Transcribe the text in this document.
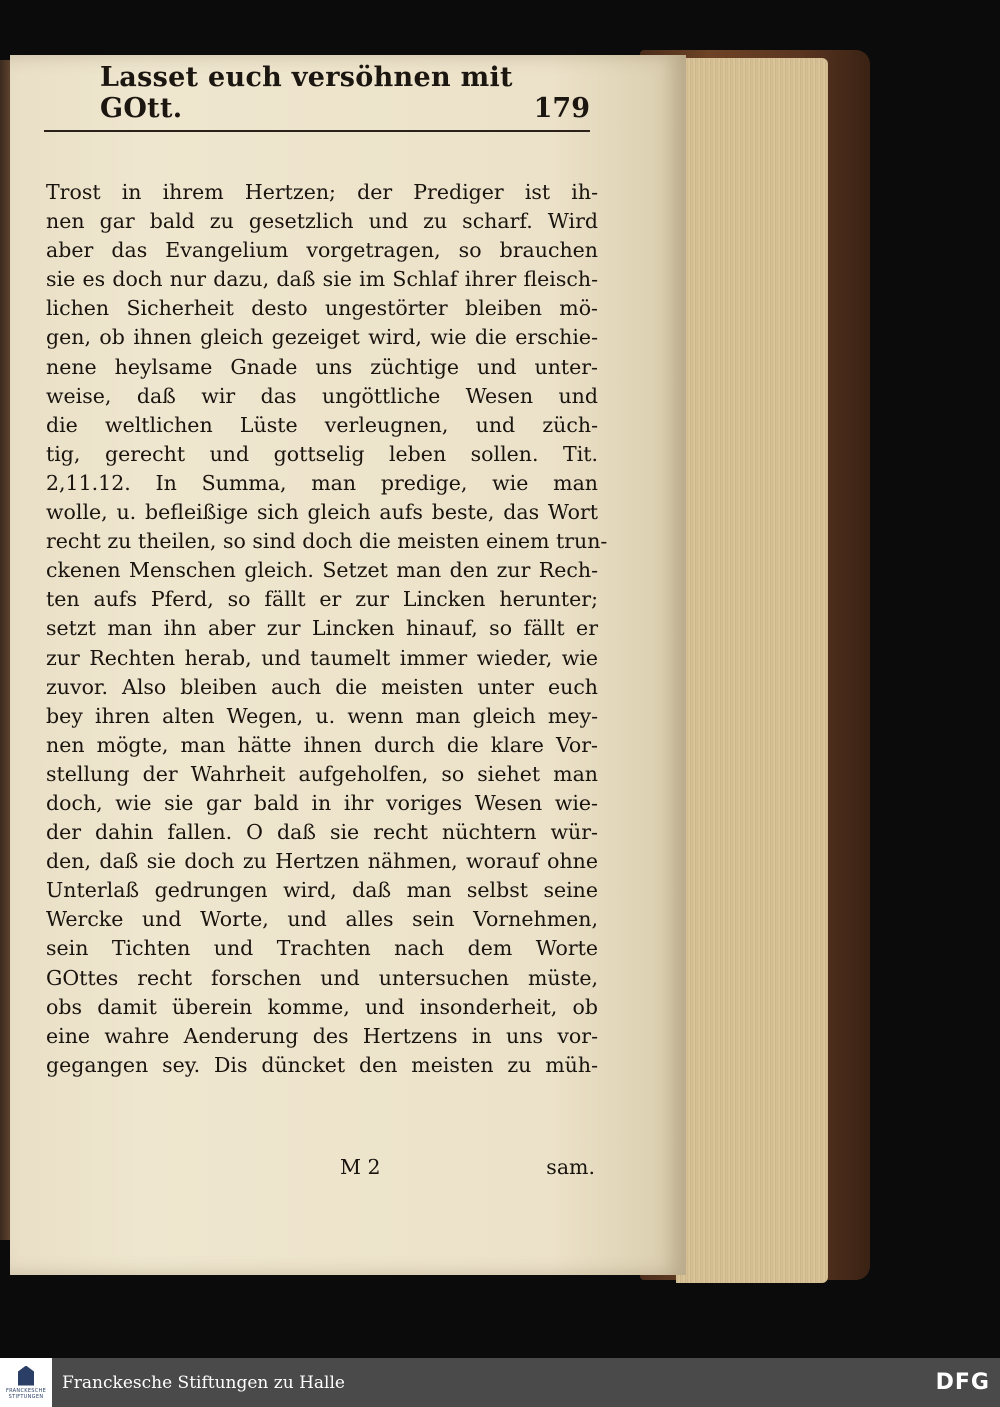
Lasset euch versöhnen mit GOtt.	179
Trost in ihrem Hertzen; der Prediger ist ih-
nen gar bald zu gesetzlich und zu scharf. Wird
aber das Evangelium vorgetragen, so brauchen
sie es doch nur dazu, daß sie im Schlaf ihrer fleisch-
lichen Sicherheit desto ungestörter bleiben mö-
gen, ob ihnen gleich gezeiget wird, wie die erschie-
nene heylsame Gnade uns züchtige und unter-
weise, daß wir das ungöttliche Wesen und
die weltlichen Lüste verleugnen, und züch-
tig, gerecht und gottselig leben sollen. Tit.
2,11.12. In Summa, man predige, wie man
wolle, u. befleißige sich gleich aufs beste, das Wort
recht zu theilen, so sind doch die meisten einem trun-
ckenen Menschen gleich. Setzet man den zur Rech-
ten aufs Pferd, so fällt er zur Lincken herunter;
setzt man ihn aber zur Lincken hinauf, so fällt er
zur Rechten herab, und taumelt immer wieder, wie
zuvor. Also bleiben auch die meisten unter euch
bey ihren alten Wegen, u. wenn man gleich mey-
nen mögte, man hätte ihnen durch die klare Vor-
stellung der Wahrheit aufgeholfen, so siehet man
doch, wie sie gar bald in ihr voriges Wesen wie-
der dahin fallen. O daß sie recht nüchtern wür-
den, daß sie doch zu Hertzen nähmen, worauf ohne
Unterlaß gedrungen wird, daß man selbst seine
Wercke und Worte, und alles sein Vornehmen,
sein Tichten und Trachten nach dem Worte
GOttes recht forschen und untersuchen müste,
obs damit überein komme, und insonderheit, ob
eine wahre Aenderung des Hertzens in uns vor-
gegangen sey. Dis düncket den meisten zu müh-
M 2	sam.
FRANCKESCHE STIFTUNGEN
Franckesche Stiftungen zu Halle	DFG
